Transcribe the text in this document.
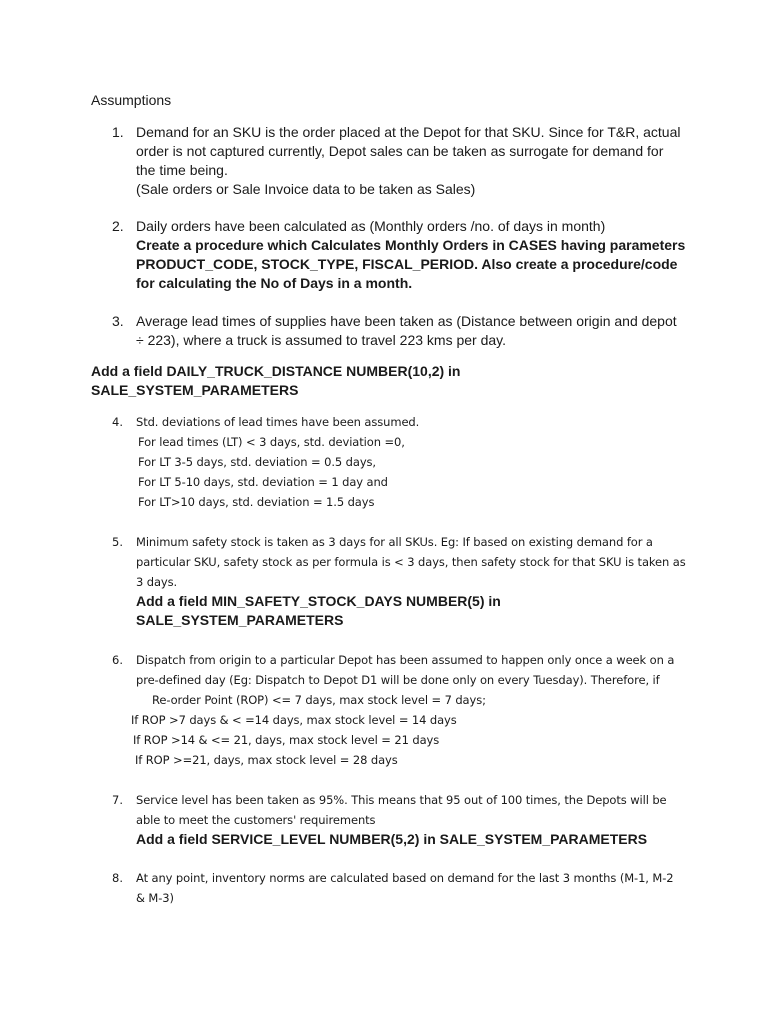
Assumptions
1. Demand for an SKU is the order placed at the Depot for that SKU. Since for T&R, actual
order is not captured currently, Depot sales can be taken as surrogate for demand for
the time being.
(Sale orders or Sale Invoice data to be taken as Sales)
2. Daily orders have been calculated as (Monthly orders /no. of days in month)
Create a procedure which Calculates Monthly Orders in CASES having parameters
PRODUCT_CODE, STOCK_TYPE, FISCAL_PERIOD. Also create a procedure/code
for calculating the No of Days in a month.
3. Average lead times of supplies have been taken as (Distance between origin and depot
÷ 223), where a truck is assumed to travel 223 kms per day.
Add a field DAILY_TRUCK_DISTANCE NUMBER(10,2) in
SALE_SYSTEM_PARAMETERS
4. Std. deviations of lead times have been assumed.
For lead times (LT) < 3 days, std. deviation =0,
For LT 3-5 days, std. deviation = 0.5 days,
For LT 5-10 days, std. deviation = 1 day and
For LT>10 days, std. deviation = 1.5 days
5. Minimum safety stock is taken as 3 days for all SKUs. Eg: If based on existing demand for a
particular SKU, safety stock as per formula is < 3 days, then safety stock for that SKU is taken as
3 days.
Add a field MIN_SAFETY_STOCK_DAYS NUMBER(5) in
SALE_SYSTEM_PARAMETERS
6. Dispatch from origin to a particular Depot has been assumed to happen only once a week on a
pre-defined day (Eg: Dispatch to Depot D1 will be done only on every Tuesday). Therefore, if
Re-order Point (ROP) <= 7 days, max stock level = 7 days;
If ROP >7 days & < =14 days, max stock level = 14 days
If ROP >14 & <= 21, days, max stock level = 21 days
If ROP >=21, days, max stock level = 28 days
7. Service level has been taken as 95%. This means that 95 out of 100 times, the Depots will be
able to meet the customers' requirements
Add a field SERVICE_LEVEL NUMBER(5,2) in SALE_SYSTEM_PARAMETERS
8. At any point, inventory norms are calculated based on demand for the last 3 months (M-1, M-2
& M-3)
